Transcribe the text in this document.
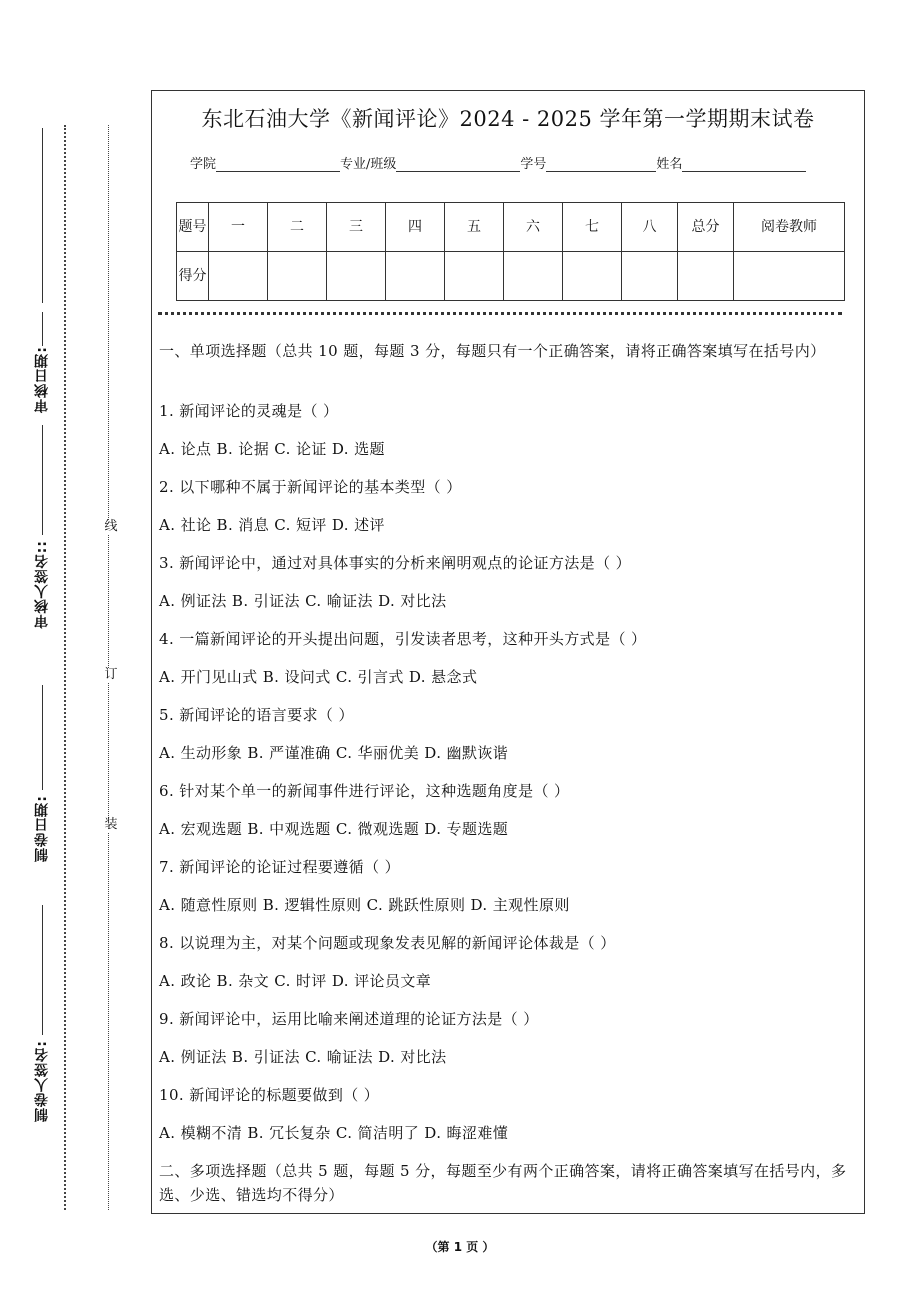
线
订
装
审核日期:
审核人签名::
制卷日期:
制卷人签名:
东北石油大学《新闻评论》2024 - 2025 学年第一学期期末试卷
学院	专业/班级	学号	姓名
题号	一	二	三	四	五	六	七	八	总分	阅卷教师
得分										
一、单项选择题（总共 10 题，每题 3 分，每题只有一个正确答案，请将正确答案填写在括号内）
1. 新闻评论的灵魂是（ ）
A. 论点 B. 论据 C. 论证 D. 选题
2. 以下哪种不属于新闻评论的基本类型（ ）
A. 社论 B. 消息 C. 短评 D. 述评
3. 新闻评论中，通过对具体事实的分析来阐明观点的论证方法是（ ）
A. 例证法 B. 引证法 C. 喻证法 D. 对比法
4. 一篇新闻评论的开头提出问题，引发读者思考，这种开头方式是（ ）
A. 开门见山式 B. 设问式 C. 引言式 D. 悬念式
5. 新闻评论的语言要求（ ）
A. 生动形象 B. 严谨准确 C. 华丽优美 D. 幽默诙谐
6. 针对某个单一的新闻事件进行评论，这种选题角度是（ ）
A. 宏观选题 B. 中观选题 C. 微观选题 D. 专题选题
7. 新闻评论的论证过程要遵循（ ）
A. 随意性原则 B. 逻辑性原则 C. 跳跃性原则 D. 主观性原则
8. 以说理为主，对某个问题或现象发表见解的新闻评论体裁是（ ）
A. 政论 B. 杂文 C. 时评 D. 评论员文章
9. 新闻评论中，运用比喻来阐述道理的论证方法是（ ）
A. 例证法 B. 引证法 C. 喻证法 D. 对比法
10. 新闻评论的标题要做到（ ）
A. 模糊不清 B. 冗长复杂 C. 简洁明了 D. 晦涩难懂
二、多项选择题（总共 5 题，每题 5 分，每题至少有两个正确答案，请将正确答案填写在括号内，多选、少选、错选均不得分）
（第 1 页 ）
